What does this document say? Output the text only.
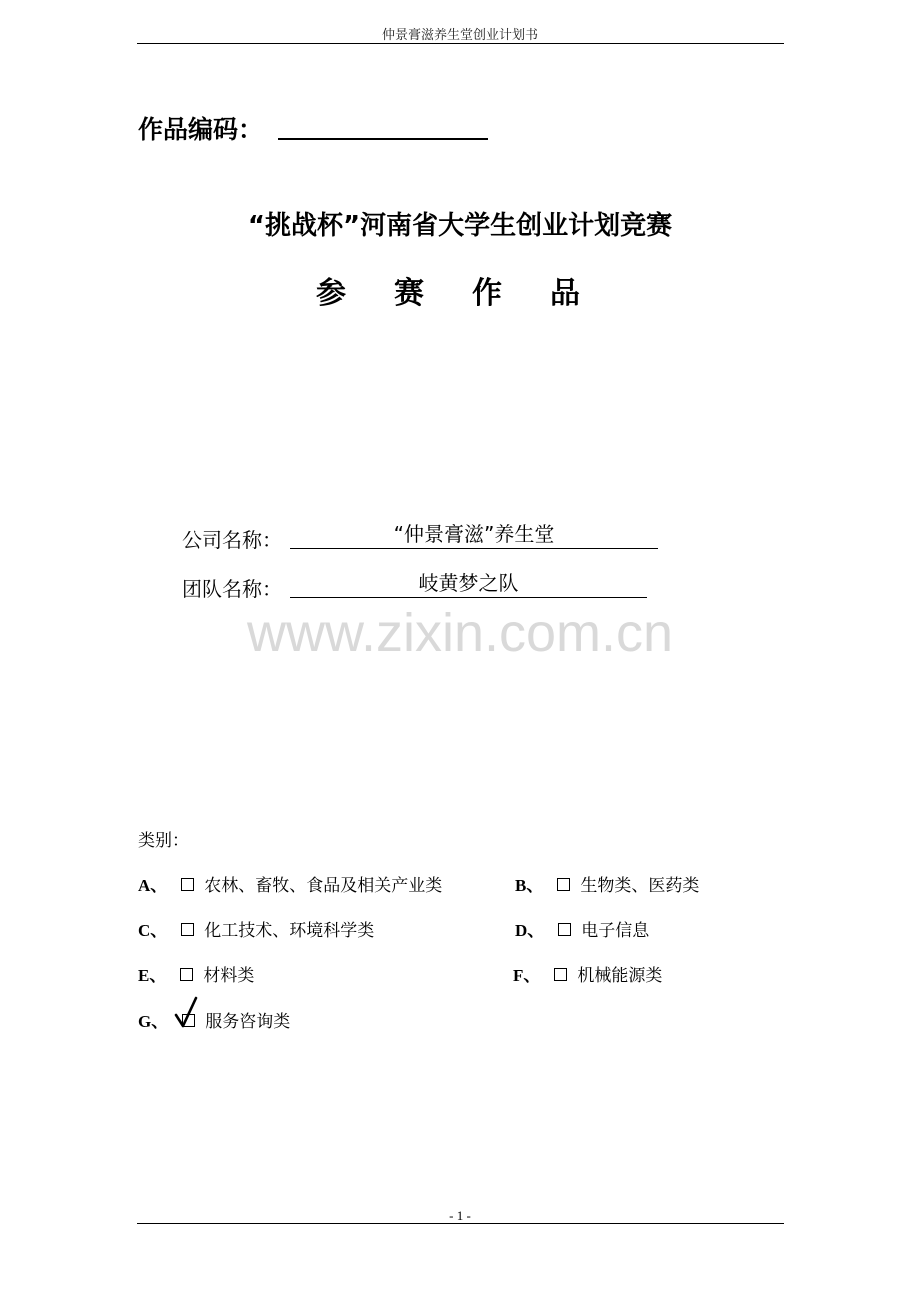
仲景膏滋养生堂创业计划书
作品编码：
“挑战杯”河南省大学生创业计划竞赛
参赛作品
公司名称：	“仲景膏滋”养生堂
团队名称：	岐黄梦之队
www.zixin.com.cn
类别：
A、 农林、畜牧、食品及相关产业类	B、 生物类、医药类
C、 化工技术、环境科学类	D、 电子信息
E、 材料类	F、 机械能源类
G、 服务咨询类
- 1 -
